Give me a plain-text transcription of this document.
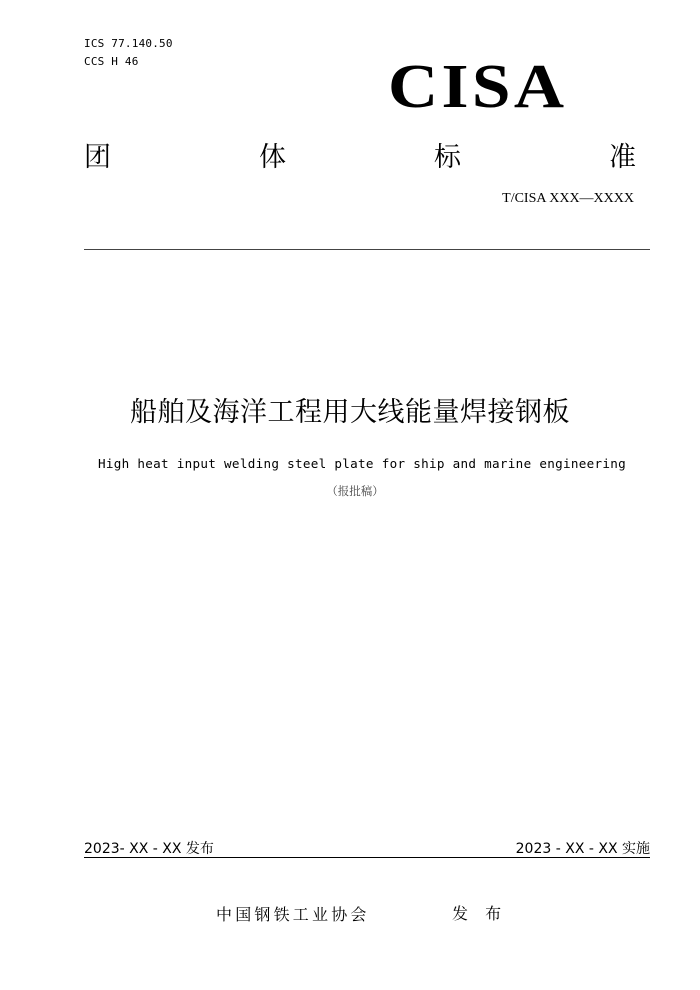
ICS 77.140.50
CCS H 46	CISA
团	体	标	准
T/CISA XXX—XXXX
船舶及海洋工程用大线能量焊接钢板
High heat input welding steel plate for ship and marine engineering
（报批稿）
2023- XX - XX 发布	2023 - XX - XX 实施
中国钢铁工业协会	发 布
